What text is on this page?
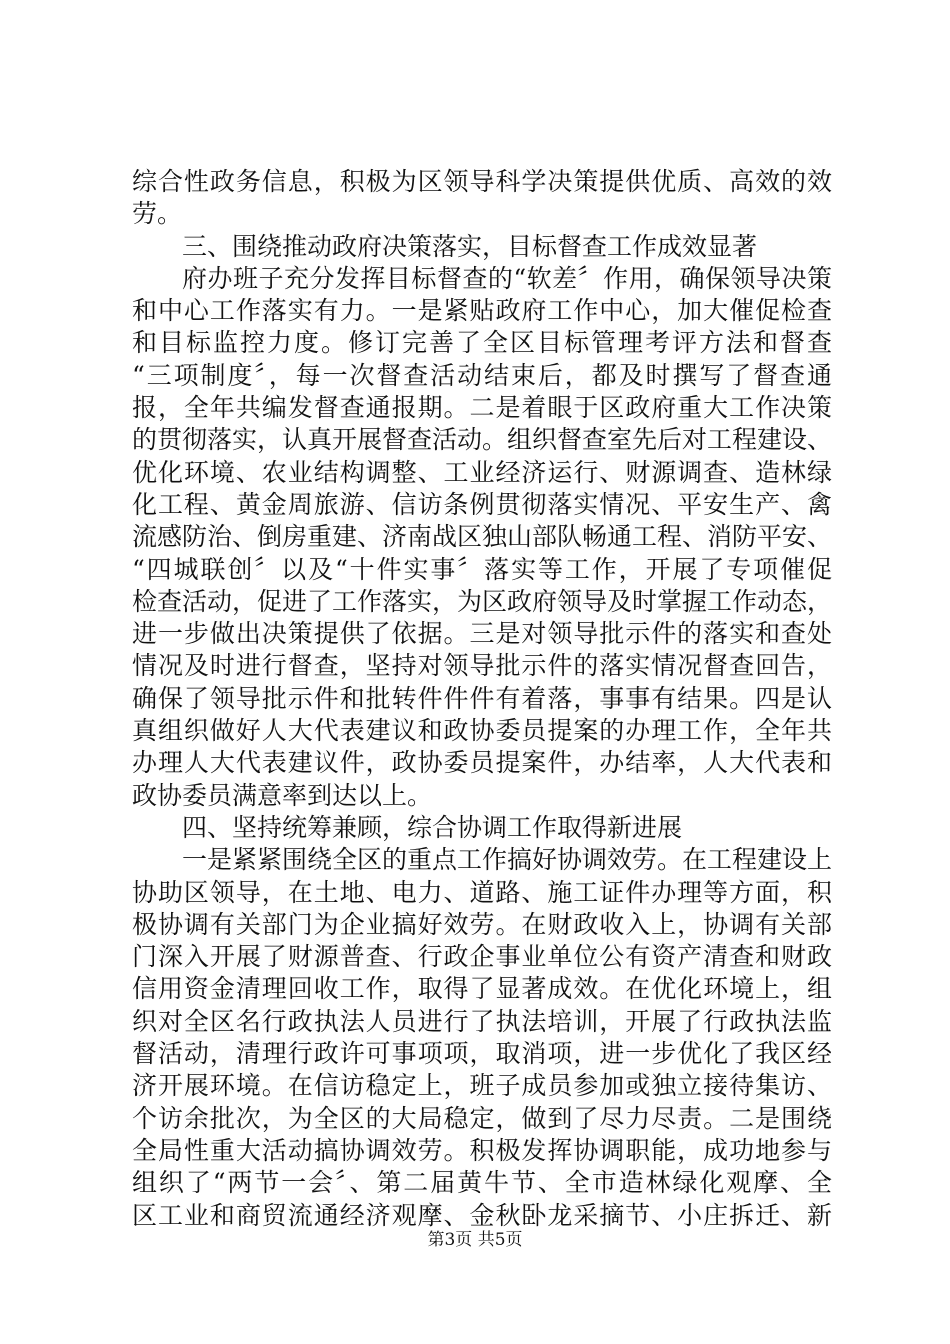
综合性政务信息，积极为区领导科学决策提供优质、高效的效
劳。
三、围绕推动政府决策落实，目标督查工作成效显著
府办班子充分发挥目标督查的“软差〞作用，确保领导决策
和中心工作落实有力。一是紧贴政府工作中心，加大催促检查
和目标监控力度。修订完善了全区目标管理考评方法和督查
“三项制度〞，每一次督查活动结束后，都及时撰写了督查通
报，全年共编发督查通报期。二是着眼于区政府重大工作决策
的贯彻落实，认真开展督查活动。组织督查室先后对工程建设、
优化环境、农业结构调整、工业经济运行、财源调查、造林绿
化工程、黄金周旅游、信访条例贯彻落实情况、平安生产、禽
流感防治、倒房重建、济南战区独山部队畅通工程、消防平安、
“四城联创〞以及“十件实事〞落实等工作，开展了专项催促
检查活动，促进了工作落实，为区政府领导及时掌握工作动态，
进一步做出决策提供了依据。三是对领导批示件的落实和查处
情况及时进行督查，坚持对领导批示件的落实情况督查回告，
确保了领导批示件和批转件件件有着落，事事有结果。四是认
真组织做好人大代表建议和政协委员提案的办理工作，全年共
办理人大代表建议件，政协委员提案件，办结率，人大代表和
政协委员满意率到达以上。
四、坚持统筹兼顾，综合协调工作取得新进展
一是紧紧围绕全区的重点工作搞好协调效劳。在工程建设上
协助区领导，在土地、电力、道路、施工证件办理等方面，积
极协调有关部门为企业搞好效劳。在财政收入上，协调有关部
门深入开展了财源普查、行政企事业单位公有资产清查和财政
信用资金清理回收工作，取得了显著成效。在优化环境上，组
织对全区名行政执法人员进行了执法培训，开展了行政执法监
督活动，清理行政许可事项项，取消项，进一步优化了我区经
济开展环境。在信访稳定上，班子成员参加或独立接待集访、
个访余批次，为全区的大局稳定，做到了尽力尽责。二是围绕
全局性重大活动搞协调效劳。积极发挥协调职能，成功地参与
组织了“两节一会〞、第二届黄牛节、全市造林绿化观摩、全
区工业和商贸流通经济观摩、金秋卧龙采摘节、小庄拆迁、新
第3页 共5页
